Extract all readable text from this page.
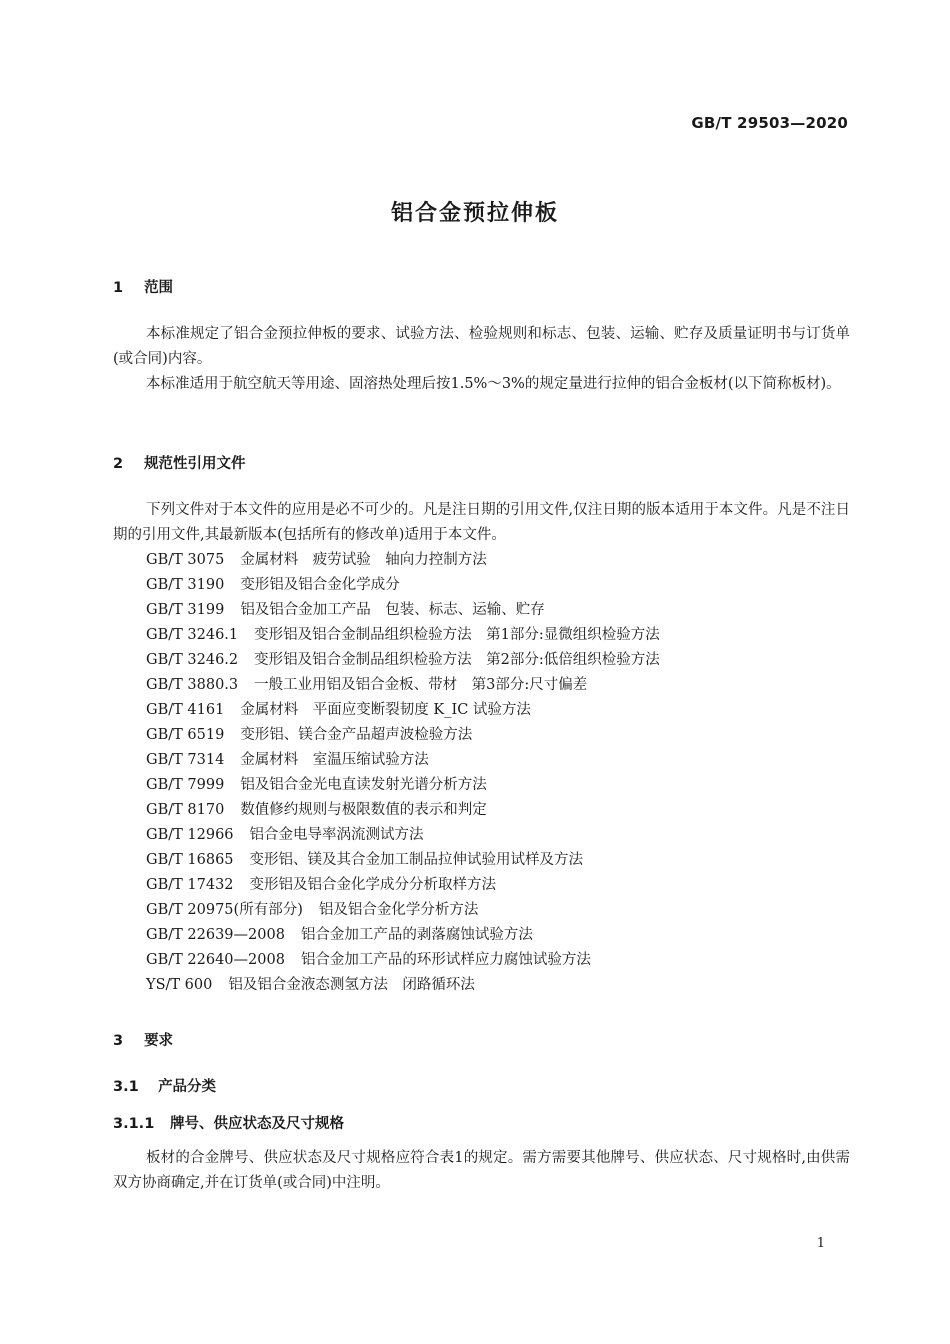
GB/T 29503—2020
铝合金预拉伸板
1 范围

本标准规定了铝合金预拉伸板的要求、试验方法、检验规则和标志、包装、运输、贮存及质量证明书与订货单(或合同)内容。

本标准适用于航空航天等用途、固溶热处理后按1.5%～3%的规定量进行拉伸的铝合金板材(以下简称板材)。

2 规范性引用文件

下列文件对于本文件的应用是必不可少的。凡是注日期的引用文件,仅注日期的版本适用于本文件。凡是不注日期的引用文件,其最新版本(包括所有的修改单)适用于本文件。

GB/T 3075 金属材料　疲劳试验　轴向力控制方法
GB/T 3190 变形铝及铝合金化学成分
GB/T 3199 铝及铝合金加工产品　包装、标志、运输、贮存
GB/T 3246.1 变形铝及铝合金制品组织检验方法　第1部分:显微组织检验方法
GB/T 3246.2 变形铝及铝合金制品组织检验方法　第2部分:低倍组织检验方法
GB/T 3880.3 一般工业用铝及铝合金板、带材　第3部分:尺寸偏差
GB/T 4161 金属材料　平面应变断裂韧度 K_IC 试验方法
GB/T 6519 变形铝、镁合金产品超声波检验方法
GB/T 7314 金属材料　室温压缩试验方法
GB/T 7999 铝及铝合金光电直读发射光谱分析方法
GB/T 8170 数值修约规则与极限数值的表示和判定
GB/T 12966 铝合金电导率涡流测试方法
GB/T 16865 变形铝、镁及其合金加工制品拉伸试验用试样及方法
GB/T 17432 变形铝及铝合金化学成分分析取样方法
GB/T 20975(所有部分) 铝及铝合金化学分析方法
GB/T 22639—2008 铝合金加工产品的剥落腐蚀试验方法
GB/T 22640—2008 铝合金加工产品的环形试样应力腐蚀试验方法
YS/T 600 铝及铝合金液态测氢方法　闭路循环法
3 要求
3.1 产品分类
3.1.1 牌号、供应状态及尺寸规格

板材的合金牌号、供应状态及尺寸规格应符合表1的规定。需方需要其他牌号、供应状态、尺寸规格时,由供需双方协商确定,并在订货单(或合同)中注明。

1
